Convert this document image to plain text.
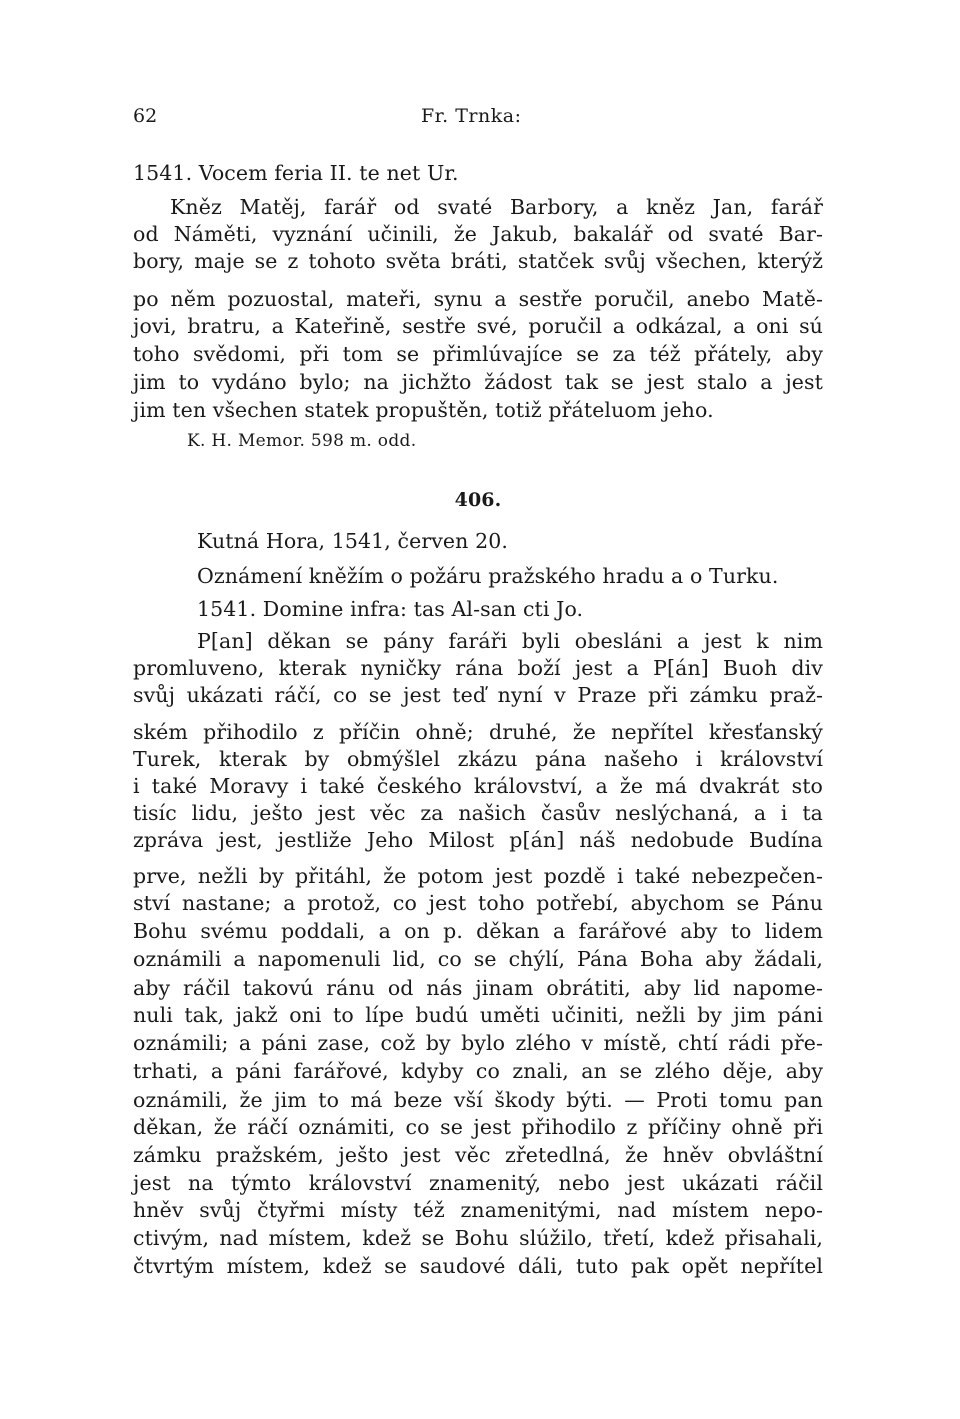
62	Fr. Trnka:
1541. Vocem feria II. te net Ur.
Kněz Matěj, farář od svaté Barbory, a kněz Jan, farář
od Náměti, vyznání učinili, že Jakub, bakalář od svaté Bar-
bory, maje se z tohoto světa bráti, statček svůj všechen, kterýž
po něm pozuostal, mateři, synu a sestře poručil, anebo Matě-
jovi, bratru, a Kateřině, sestře své, poručil a odkázal, a oni sú
toho svědomi, při tom se přimlúvajíce se za též přátely, aby
jim to vydáno bylo; na jichžto žádost tak se jest stalo a jest
jim ten všechen statek propuštěn, totiž přáteluom jeho.
K. H. Memor. 598 m. odd.
406.
Kutná Hora, 1541, červen 20.
Oznámení kněžím o požáru pražského hradu a o Turku.
1541. Domine infra: tas Al-san cti Jo.
P[an] děkan se pány faráři byli obesláni a jest k nim
promluveno, kterak nyničky rána boží jest a P[án] Buoh div
svůj ukázati ráčí, co se jest teď nyní v Praze při zámku praž-
ském přihodilo z příčin ohně; druhé, že nepřítel křesťanský
Turek, kterak by obmýšlel zkázu pána našeho i království
i také Moravy i také českého království, a že má dvakrát sto
tisíc lidu, ješto jest věc za našich časův neslýchaná, a i ta
zpráva jest, jestliže Jeho Milost p[án] náš nedobude Budína
prve, nežli by přitáhl, že potom jest pozdě i také nebezpečen-
ství nastane; a protož, co jest toho potřebí, abychom se Pánu
Bohu svému poddali, a on p. děkan a farářové aby to lidem
oznámili a napomenuli lid, co se chýlí, Pána Boha aby žádali,
aby ráčil takovú ránu od nás jinam obrátiti, aby lid napome-
nuli tak, jakž oni to lípe budú uměti učiniti, nežli by jim páni
oznámili; a páni zase, což by bylo zlého v místě, chtí rádi pře-
trhati, a páni farářové, kdyby co znali, an se zlého děje, aby
oznámili, že jim to má beze vší škody býti. — Proti tomu pan
děkan, že ráčí oznámiti, co se jest přihodilo z příčiny ohně při
zámku pražském, ješto jest věc zřetedlná, že hněv obvláštní
jest na týmto království znamenitý, nebo jest ukázati ráčil
hněv svůj čtyřmi místy též znamenitými, nad místem nepo-
ctivým, nad místem, kdež se Bohu slúžilo, třetí, kdež přisahali,
čtvrtým místem, kdež se saudové dáli, tuto pak opět nepřítel
